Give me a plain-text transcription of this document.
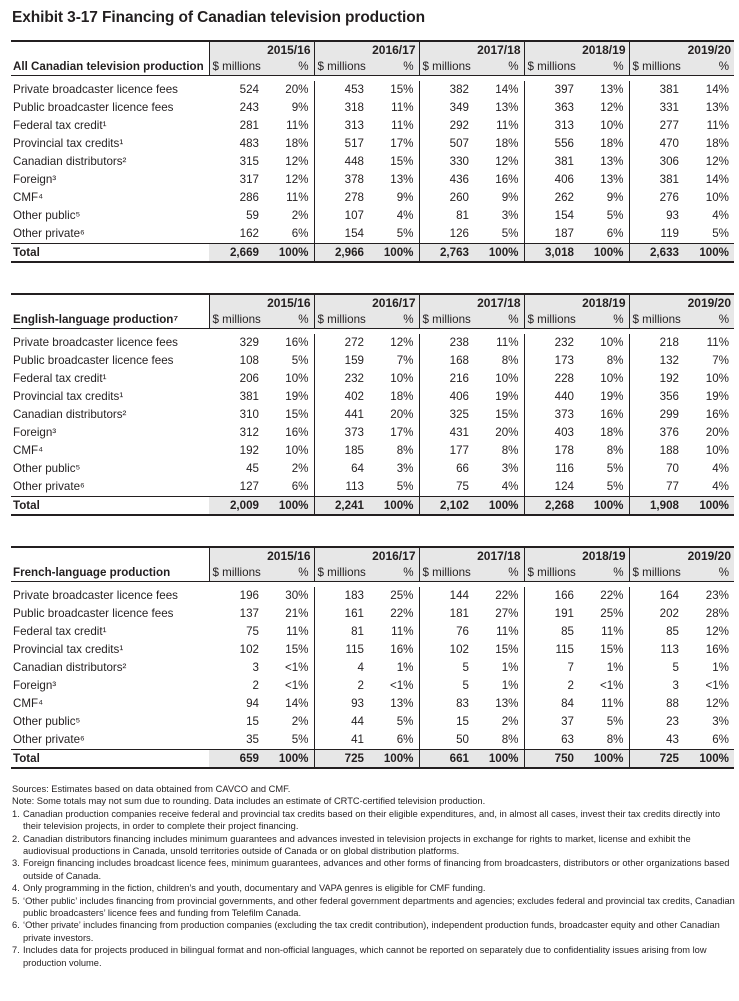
Exhibit 3-17 Financing of Canadian television production

	2015/16		2016/17		2017/18		2018/19		2019/20	
All Canadian television production	$ millions	%	$ millions	%	$ millions	%	$ millions	%	$ millions	%

Private broadcaster licence fees	524	20%	453	15%	382	14%	397	13%	381	14%
Public broadcaster licence fees	243	9%	318	11%	349	13%	363	12%	331	13%
Federal tax credit¹	281	11%	313	11%	292	11%	313	10%	277	11%
Provincial tax credits¹	483	18%	517	17%	507	18%	556	18%	470	18%
Canadian distributors²	315	12%	448	15%	330	12%	381	13%	306	12%
Foreign³	317	12%	378	13%	436	16%	406	13%	381	14%
CMF⁴	286	11%	278	9%	260	9%	262	9%	276	10%
Other public⁵	59	2%	107	4%	81	3%	154	5%	93	4%
Other private⁶	162	6%	154	5%	126	5%	187	6%	119	5%
Total	2,669	100%	2,966	100%	2,763	100%	3,018	100%	2,633	100%

	2015/16		2016/17		2017/18		2018/19		2019/20	
English-language production⁷	$ millions	%	$ millions	%	$ millions	%	$ millions	%	$ millions	%

Private broadcaster licence fees	329	16%	272	12%	238	11%	232	10%	218	11%
Public broadcaster licence fees	108	5%	159	7%	168	8%	173	8%	132	7%
Federal tax credit¹	206	10%	232	10%	216	10%	228	10%	192	10%
Provincial tax credits¹	381	19%	402	18%	406	19%	440	19%	356	19%
Canadian distributors²	310	15%	441	20%	325	15%	373	16%	299	16%
Foreign³	312	16%	373	17%	431	20%	403	18%	376	20%
CMF⁴	192	10%	185	8%	177	8%	178	8%	188	10%
Other public⁵	45	2%	64	3%	66	3%	116	5%	70	4%
Other private⁶	127	6%	113	5%	75	4%	124	5%	77	4%
Total	2,009	100%	2,241	100%	2,102	100%	2,268	100%	1,908	100%

	2015/16		2016/17		2017/18		2018/19		2019/20	
French-language production	$ millions	%	$ millions	%	$ millions	%	$ millions	%	$ millions	%

Private broadcaster licence fees	196	30%	183	25%	144	22%	166	22%	164	23%
Public broadcaster licence fees	137	21%	161	22%	181	27%	191	25%	202	28%
Federal tax credit¹	75	11%	81	11%	76	11%	85	11%	85	12%
Provincial tax credits¹	102	15%	115	16%	102	15%	115	15%	113	16%
Canadian distributors²	3	<1%	4	1%	5	1%	7	1%	5	1%
Foreign³	2	<1%	2	<1%	5	1%	2	<1%	3	<1%
CMF⁴	94	14%	93	13%	83	13%	84	11%	88	12%
Other public⁵	15	2%	44	5%	15	2%	37	5%	23	3%
Other private⁶	35	5%	41	6%	50	8%	63	8%	43	6%
Total	659	100%	725	100%	661	100%	750	100%	725	100%

Sources: Estimates based on data obtained from CAVCO and CMF.

Note: Some totals may not sum due to rounding. Data includes an estimate of CRTC-certified television production.

1. Canadian production companies receive federal and provincial tax credits based on their eligible expenditures, and, in almost all cases, invest their tax credits directly into their television projects, in order to complete their project financing.
2. Canadian distributors financing includes minimum guarantees and advances invested in television projects in exchange for rights to market, license and exhibit the audiovisual productions in Canada, unsold territories outside of Canada or on global distribution platforms.
3. Foreign financing includes broadcast licence fees, minimum guarantees, advances and other forms of financing from broadcasters, distributors or other organizations based outside of Canada.
4. Only programming in the fiction, children’s and youth, documentary and VAPA genres is eligible for CMF funding.
5. ‘Other public’ includes financing from provincial governments, and other federal government departments and agencies; excludes federal and provincial tax credits, Canadian public broadcasters’ licence fees and funding from Telefilm Canada.
6. ‘Other private’ includes financing from production companies (excluding the tax credit contribution), independent production funds, broadcaster equity and other Canadian private investors.
7. Includes data for projects produced in bilingual format and non-official languages, which cannot be reported on separately due to confidentiality issues arising from low production volume.
